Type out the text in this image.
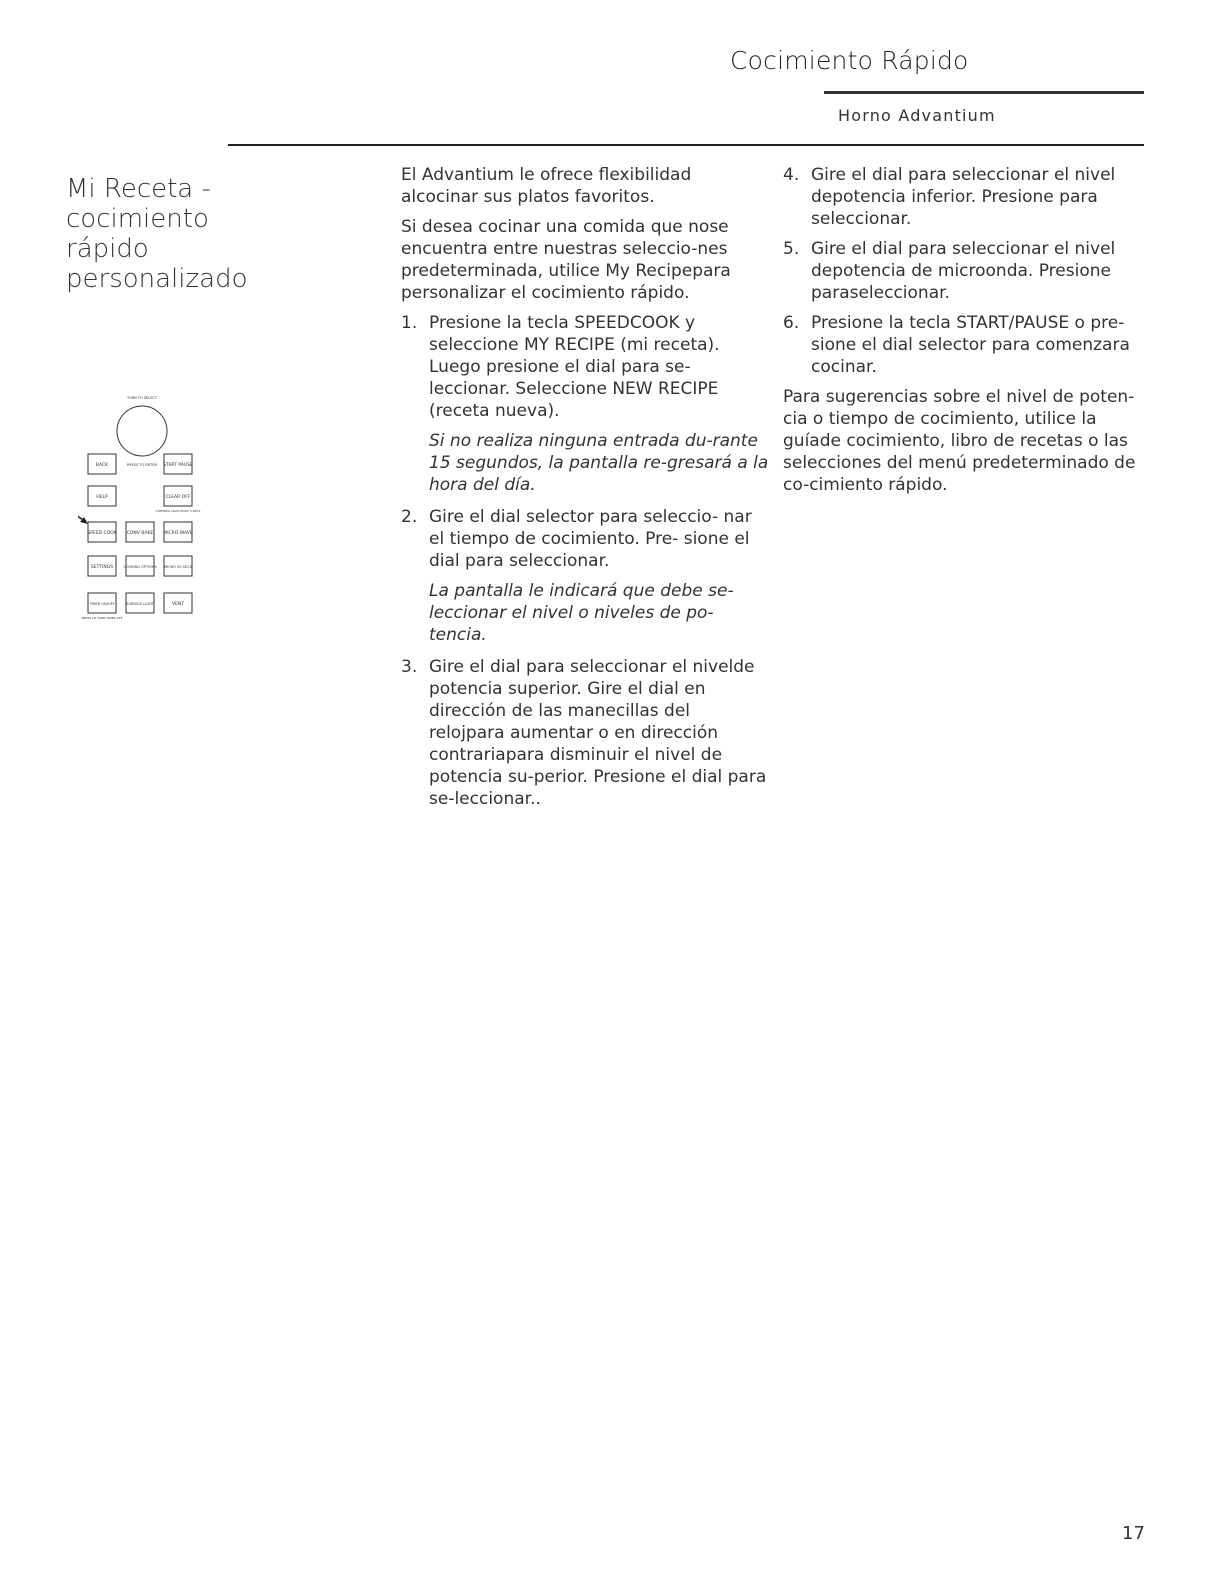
Cocimiento Rápido
Horno Advantium
Mi Receta -cocimiento rápido personalizado
TURN TO SELECT
PRESS TO ENTER
BACK	START PAUSE
HELP	CLEAR OFF
CONTROL LOCK HOLD 3 SECS
SPEED COOK CONV BAKE MICRO WAVE
SETTINGS	COOKING OPTIONS MICRO 30 SECS
TIMER ON/OFF	SURFACE LIGHT	VENT
PRESS TO TURN TIMER OFF

El Advantium le ofrece flexibilidad alcocinar sus platos favoritos.

Si desea cocinar una comida que nose encuentra entre nuestras seleccio-nes predeterminada, utilice My Recipepara personalizar el cocimiento rápido.

1. Presione la tecla SPEEDCOOK y seleccione MY RECIPE (mi receta). Luego presione el dial para se-leccionar. Seleccione NEW RECIPE (receta nueva).

Si no realiza ninguna entrada du-rante 15 segundos, la pantalla re-gresará a la hora del día.

2. Gire el dial selector para seleccio- nar el tiempo de cocimiento. Pre- sione el dial para seleccionar.

La pantalla le indicará que debe se-leccionar el nivel o niveles de po-tencia.

3. Gire el dial para seleccionar el nivelde potencia superior. Gire el dial en dirección de las manecillas del relojpara aumentar o en dirección contrariapara disminuir el nivel de potencia su-perior. Presione el dial para se-leccionar..
4. Gire el dial para seleccionar el nivel depotencia inferior. Presione para seleccionar.
5. Gire el dial para seleccionar el nivel depotencia de microonda. Presione paraseleccionar.
6. Presione la tecla START/PAUSE o pre-sione el dial selector para comenzara cocinar.

Para sugerencias sobre el nivel de poten-cia o tiempo de cocimiento, utilice la guíade cocimiento, libro de recetas o las selecciones del menú predeterminado de co-cimiento rápido.

17
